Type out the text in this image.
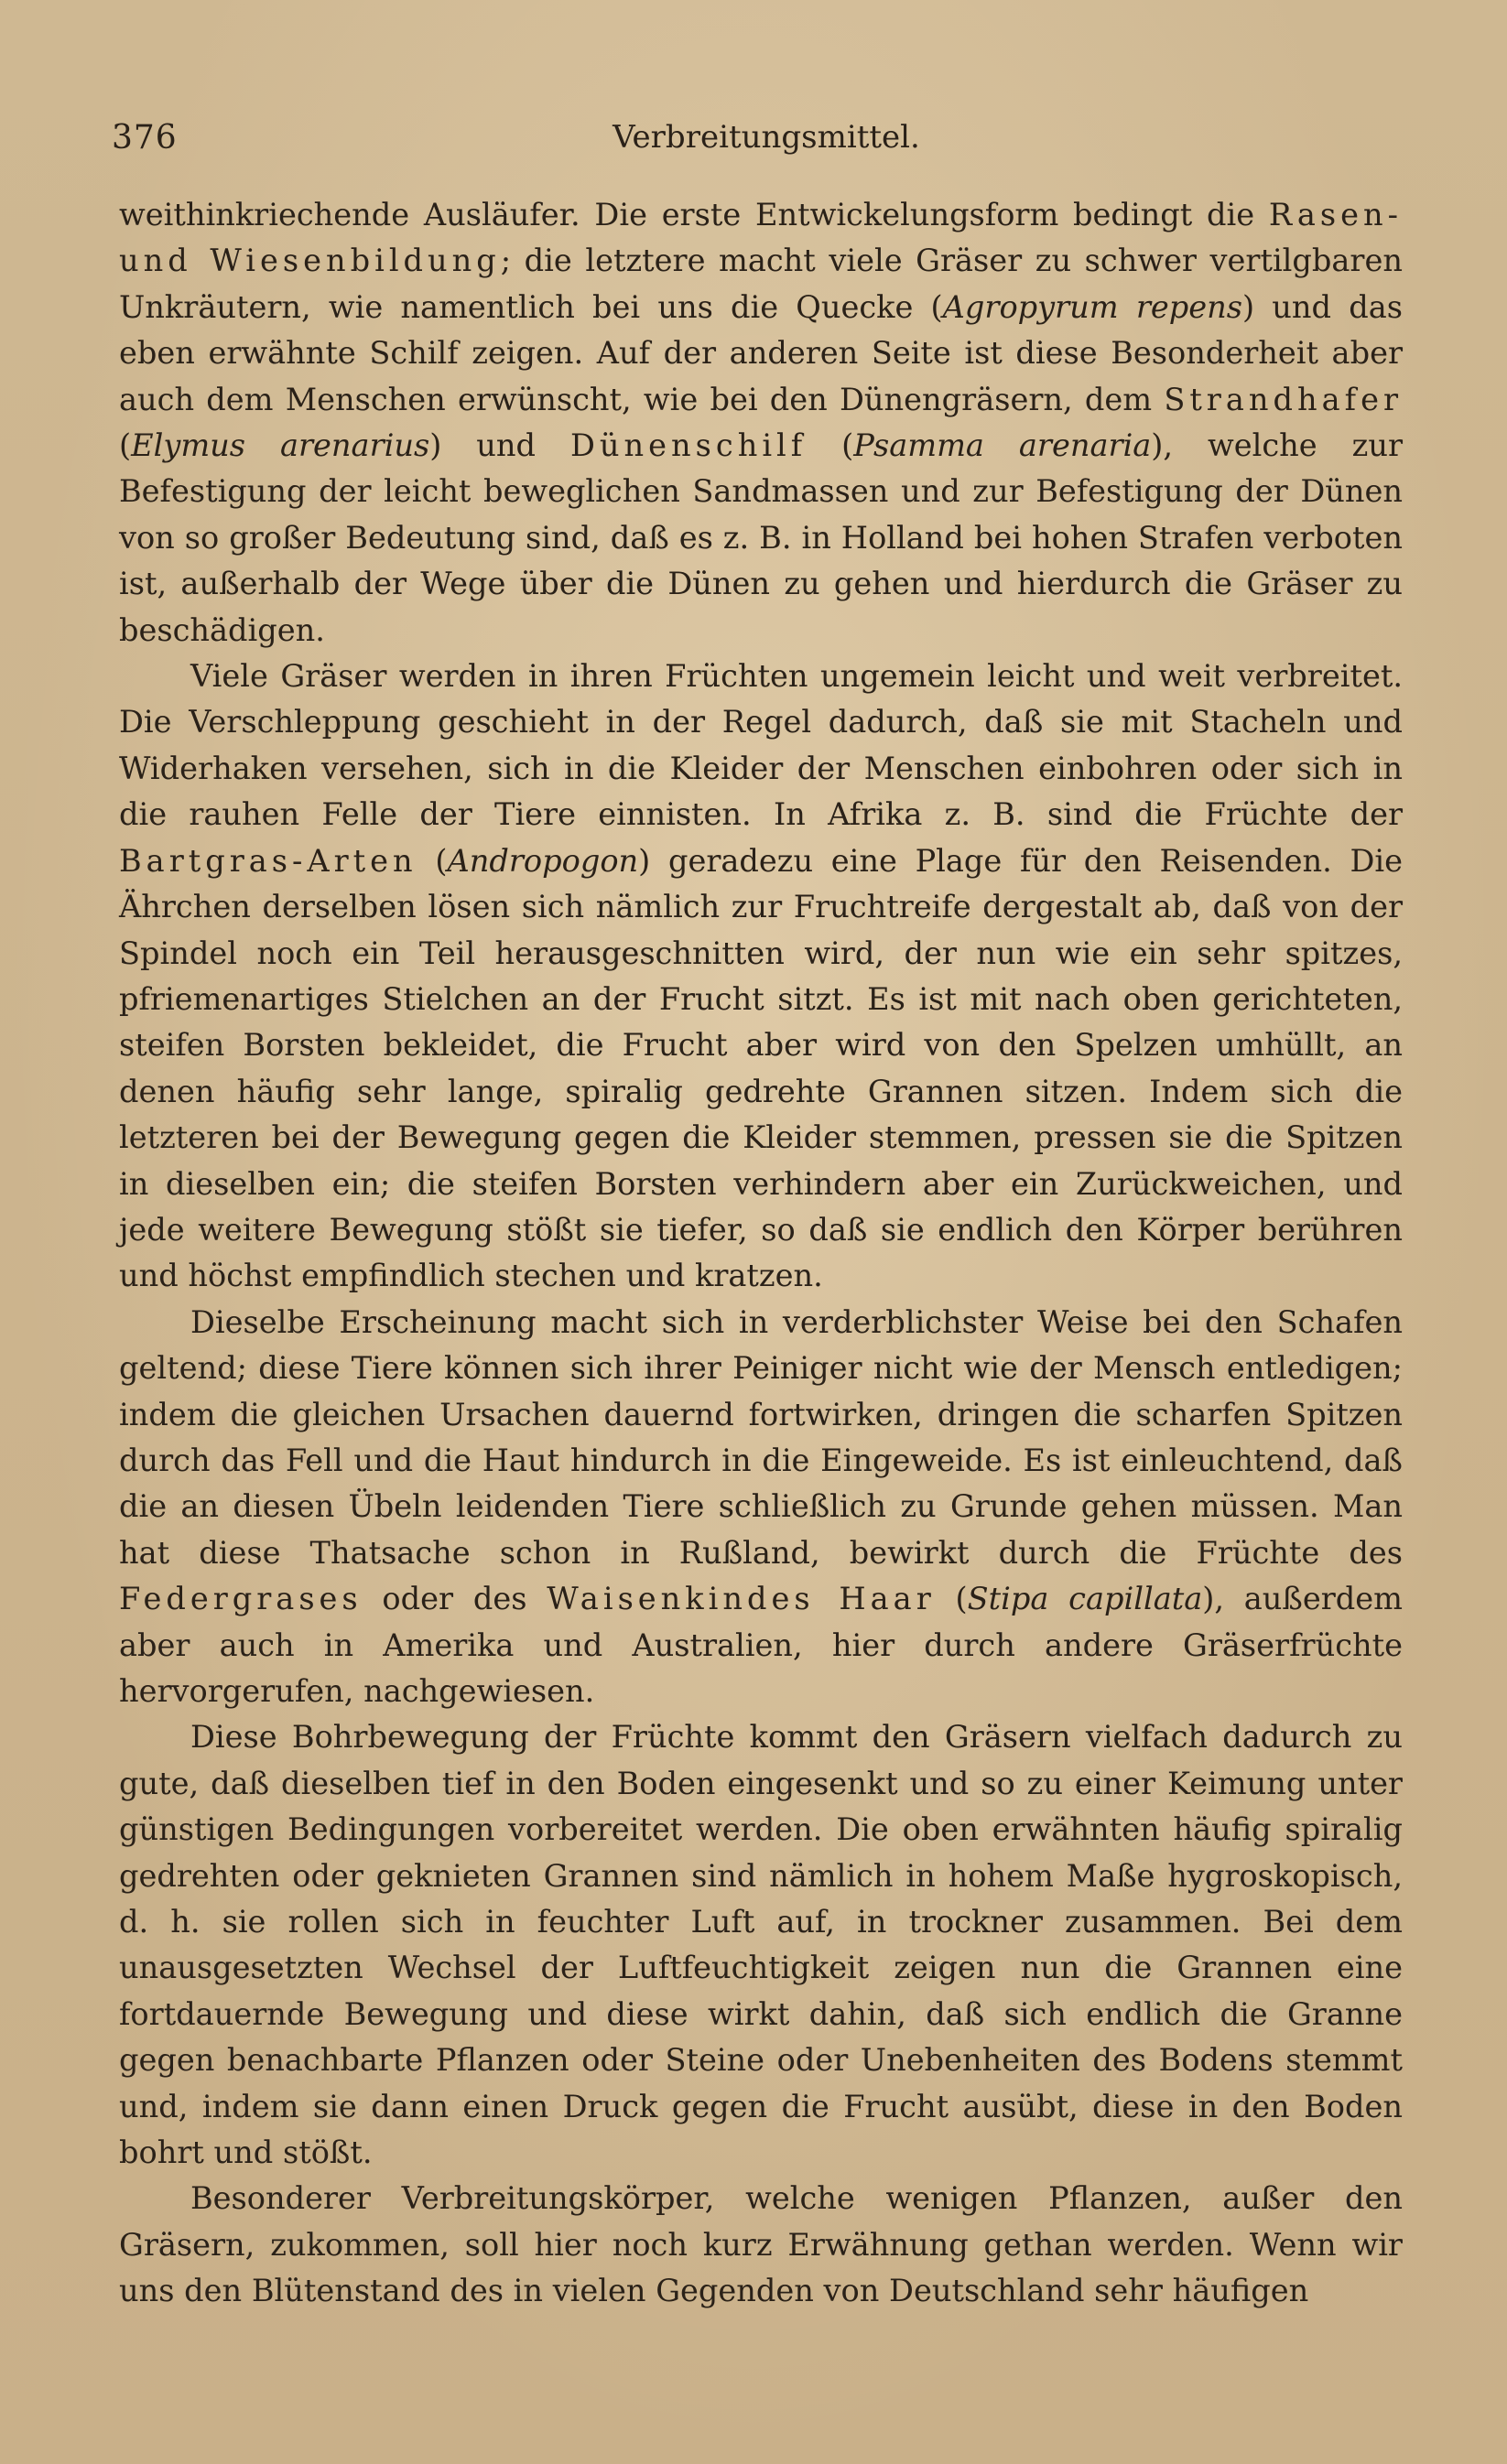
376	Verbreitungsmittel.

weithinkriechende Ausläufer. Die erste Entwickelungsform bedingt die Rasen- und Wiesenbildung; die letztere macht viele Gräser zu schwer vertilgbaren Unkräutern, wie namentlich bei uns die Quecke (Agropyrum repens) und das eben erwähnte Schilf zeigen. Auf der anderen Seite ist diese Besonderheit aber auch dem Menschen erwünscht, wie bei den Dünengräsern, dem Strandhafer (Elymus arenarius) und Dünenschilf (Psamma arenaria), welche zur Befestigung der leicht beweglichen Sandmassen und zur Befestigung der Dünen von so großer Bedeutung sind, daß es z. B. in Holland bei hohen Strafen verboten ist, außerhalb der Wege über die Dünen zu gehen und hierdurch die Gräser zu beschädigen.

Viele Gräser werden in ihren Früchten ungemein leicht und weit verbreitet. Die Verschleppung geschieht in der Regel dadurch, daß sie mit Stacheln und Widerhaken versehen, sich in die Kleider der Menschen einbohren oder sich in die rauhen Felle der Tiere einnisten. In Afrika z. B. sind die Früchte der Bartgras-Arten (Andropogon) geradezu eine Plage für den Reisenden. Die Ährchen derselben lösen sich nämlich zur Fruchtreife dergestalt ab, daß von der Spindel noch ein Teil herausgeschnitten wird, der nun wie ein sehr spitzes, pfriemenartiges Stielchen an der Frucht sitzt. Es ist mit nach oben gerichteten, steifen Borsten bekleidet, die Frucht aber wird von den Spelzen umhüllt, an denen häufig sehr lange, spiralig gedrehte Grannen sitzen. Indem sich die letzteren bei der Bewegung gegen die Kleider stemmen, pressen sie die Spitzen in dieselben ein; die steifen Borsten verhindern aber ein Zurückweichen, und jede weitere Bewegung stößt sie tiefer, so daß sie endlich den Körper berühren und höchst empfindlich stechen und kratzen.

Dieselbe Erscheinung macht sich in verderblichster Weise bei den Schafen geltend; diese Tiere können sich ihrer Peiniger nicht wie der Mensch entledigen; indem die gleichen Ursachen dauernd fortwirken, dringen die scharfen Spitzen durch das Fell und die Haut hindurch in die Eingeweide. Es ist einleuchtend, daß die an diesen Übeln leidenden Tiere schließlich zu Grunde gehen müssen. Man hat diese Thatsache schon in Rußland, bewirkt durch die Früchte des Federgrases oder des Waisenkindes Haar (Stipa capillata), außerdem aber auch in Amerika und Australien, hier durch andere Gräserfrüchte hervorgerufen, nachgewiesen.

Diese Bohrbewegung der Früchte kommt den Gräsern vielfach dadurch zu gute, daß dieselben tief in den Boden eingesenkt und so zu einer Keimung unter günstigen Bedingungen vorbereitet werden. Die oben erwähnten häufig spiralig gedrehten oder geknieten Grannen sind nämlich in hohem Maße hygroskopisch, d. h. sie rollen sich in feuchter Luft auf, in trockner zusammen. Bei dem unausgesetzten Wechsel der Luftfeuchtigkeit zeigen nun die Grannen eine fortdauernde Bewegung und diese wirkt dahin, daß sich endlich die Granne gegen benachbarte Pflanzen oder Steine oder Unebenheiten des Bodens stemmt und, indem sie dann einen Druck gegen die Frucht ausübt, diese in den Boden bohrt und stößt.

Besonderer Verbreitungskörper, welche wenigen Pflanzen, außer den Gräsern, zukommen, soll hier noch kurz Erwähnung gethan werden. Wenn wir uns den Blütenstand des in vielen Gegenden von Deutschland sehr häufigen
